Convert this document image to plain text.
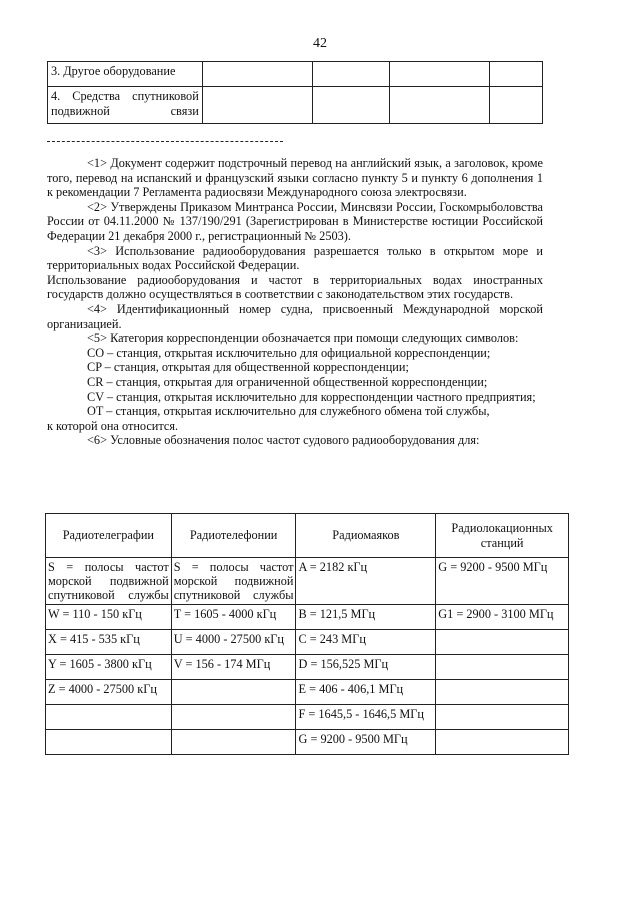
42
3. Другое оборудование				
4. Средства спутниковой подвижной связи				

<1> Документ содержит подстрочный перевод на английский язык, а заголовок, кроме того, перевод на испанский и французский языки согласно пункту 5 и пункту 6 дополнения 1 к рекомендации 7 Регламента радиосвязи Международного союза электросвязи.

<2> Утверждены Приказом Минтранса России, Минсвязи России, Госкомрыболовства России от 04.11.2000 № 137/190/291 (Зарегистрирован в Министерстве юстиции Российской Федерации 21 декабря 2000 г., регистрационный № 2503).

<3> Использование радиооборудования разрешается только в открытом море и территориальных водах Российской Федерации.

Использование радиооборудования и частот в территориальных водах иностранных государств должно осуществляться в соответствии с законодательством этих государств.

<4> Идентификационный номер судна, присвоенный Международной морской организацией.

<5> Категория корреспонденции обозначается при помощи следующих символов:

CO – станция, открытая исключительно для официальной корреспонденции;

CP – станция, открытая для общественной корреспонденции;

CR – станция, открытая для ограниченной общественной корреспонденции;

CV – станция, открытая исключительно для корреспонденции частного предприятия;

OT – станция, открытая исключительно для служебного обмена той службы,

к которой она относится.

<6> Условные обозначения полос частот судового радиооборудования для:

Радиотелеграфии	Радиотелефонии	Радиомаяков	Радиолокационных станций
S = полосы частот морской подвижной спутниковой службы	S = полосы частот морской подвижной спутниковой службы	A = 2182 кГц	G = 9200 - 9500 МГц
W = 110 - 150 кГц	T = 1605 - 4000 кГц	B = 121,5 МГц	G1 = 2900 - 3100 МГц
X = 415 - 535 кГц	U = 4000 - 27500 кГц	C = 243 МГц	
Y = 1605 - 3800 кГц	V = 156 - 174 МГц	D = 156,525 МГц	
Z = 4000 - 27500 кГц		E = 406 - 406,1 МГц	
		F = 1645,5 - 1646,5 МГц	
		G = 9200 - 9500 МГц	
